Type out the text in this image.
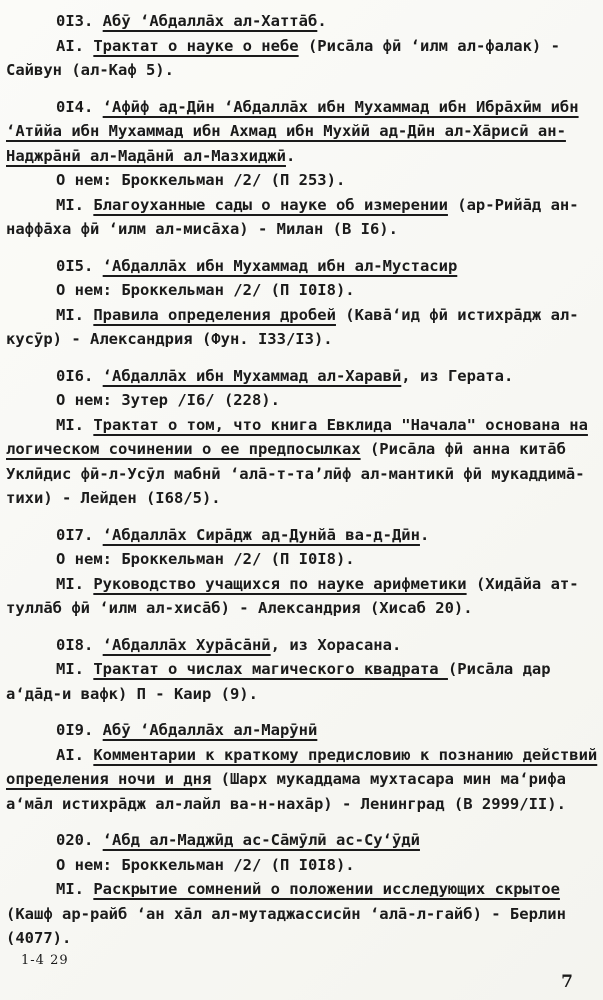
0I3. Абӯ ‘Абдалла̄х ал-Хатта̄б.
АI. Трактат о науке о небе (Риса̄ла фӣ ‘илм ал-фалак) -
Сайвун (ал-Каф 5).
0I4. ‘Афӣф ад-Дӣн ‘Абдалла̄х ибн Мухаммад ибн Ибра̄хӣм ибн
‘Атӣйа ибн Мухаммад ибн Ахмад ибн Мухйӣ ад-Дӣн ал-Ха̄рисӣ ан-
Наджра̄нӣ ал-Мада̄нӣ ал-Мазхиджӣ.
О нем: Броккельман /2/ (П 253).
МI. Благоуханные сады о науке об измерении (ар-Рийа̄д ан-
наффа̄ха фӣ ‘илм ал-миса̄ха) - Милан (В I6).
0I5. ‘Абдалла̄х ибн Мухаммад ибн ал-Мустасир
О нем: Броккельман /2/ (П I0I8).
МI. Правила определения дробей (Кава̄‘ид фӣ истихра̄дж ал-
кусӯр) - Александрия (Фун. I33/I3).
0I6. ‘Абдалла̄х ибн Мухаммад ал-Харавӣ, из Герата.
О нем: Зутер /I6/ (228).
МI. Трактат о том, что книга Евклида "Начала" основана на
логическом сочинении о ее предпосылках (Риса̄ла фӣ анна кита̄б
Уклӣдис фӣ-л-Усӯл мабнӣ ‘ала̄-т-та’лӣф ал-мантикӣ фӣ мукаддима̄-
тихи) - Лейден (I68/5).
0I7. ‘Абдалла̄х Сира̄дж ад-Дунйа̄ ва-д-Дӣн.
О нем: Броккельман /2/ (П I0I8).
МI. Руководство учащихся по науке арифметики (Хида̄йа ат-
тулла̄б фӣ ‘илм ал-хиса̄б) - Александрия (Хисаб 20).
0I8. ‘Абдалла̄х Хура̄са̄нӣ, из Хорасана.
МI. Трактат о числах магического квадрата (Риса̄ла дар
а‘да̄д-и вафк) П - Каир (9).
0I9. Абӯ ‘Абдалла̄х ал-Марӯнӣ
АI. Комментарии к краткому предисловию к познанию действий
определения ночи и дня (Шарх мукаддама мухтасара мин ма‘рифа
а‘ма̄л истихра̄дж ал-лайл ва-н-наха̄р) - Ленинград (В 2999/II).
020. ‘Абд ал-Маджӣд ас-Са̄мӯлӣ ас-Су‘ӯдӣ
О нем: Броккельман /2/ (П I0I8).
МI. Раскрытие сомнений о положении исследующих скрытое
(Кашф ар-райб ‘ан ха̄л ал-мутаджассисӣн ‘ала̄-л-гайб) - Берлин
(4077).
1-4 29
7
